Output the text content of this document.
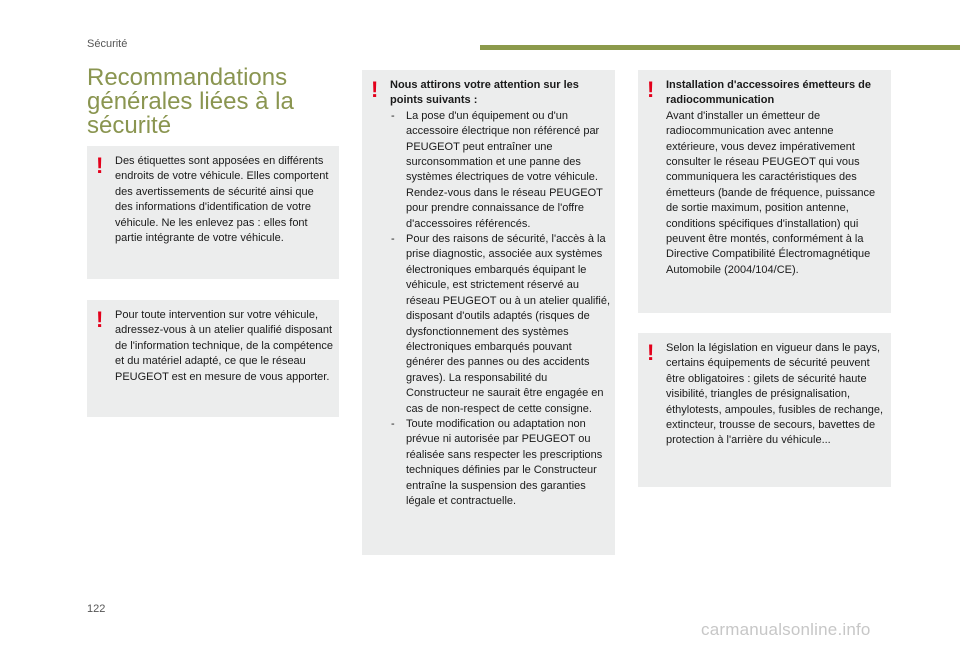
Sécurité
Recommandations générales liées à la sécurité
! Des étiquettes sont apposées en différents endroits de votre véhicule. Elles comportent des avertissements de sécurité ainsi que des informations d'identification de votre véhicule. Ne les enlevez pas : elles font partie intégrante de votre véhicule.
! Pour toute intervention sur votre véhicule, adressez-vous à un atelier qualifié disposant de l'information technique, de la compétence et du matériel adapté, ce que le réseau PEUGEOT est en mesure de vous apporter.
! Nous attirons votre attention sur les points suivants :
- La pose d'un équipement ou d'un accessoire électrique non référencé par PEUGEOT peut entraîner une surconsommation et une panne des systèmes électriques de votre véhicule. Rendez-vous dans le réseau PEUGEOT pour prendre connaissance de l'offre d'accessoires référencés.
- Pour des raisons de sécurité, l'accès à la prise diagnostic, associée aux systèmes électroniques embarqués équipant le véhicule, est strictement réservé au réseau PEUGEOT ou à un atelier qualifié, disposant d'outils adaptés (risques de dysfonctionnement des systèmes électroniques embarqués pouvant générer des pannes ou des accidents graves). La responsabilité du Constructeur ne saurait être engagée en cas de non-respect de cette consigne.
- Toute modification ou adaptation non prévue ni autorisée par PEUGEOT ou réalisée sans respecter les prescriptions techniques définies par le Constructeur entraîne la suspension des garanties légale et contractuelle.
! Installation d'accessoires émetteurs de radiocommunication
Avant d'installer un émetteur de radiocommunication avec antenne extérieure, vous devez impérativement consulter le réseau PEUGEOT qui vous communiquera les caractéristiques des émetteurs (bande de fréquence, puissance de sortie maximum, position antenne, conditions spécifiques d'installation) qui peuvent être montés, conformément à la Directive Compatibilité Électromagnétique Automobile (2004/104/CE).
! Selon la législation en vigueur dans le pays, certains équipements de sécurité peuvent être obligatoires : gilets de sécurité haute visibilité, triangles de présignalisation, éthylotests, ampoules, fusibles de rechange, extincteur, trousse de secours, bavettes de protection à l'arrière du véhicule...
122
carmanualsonline.info
